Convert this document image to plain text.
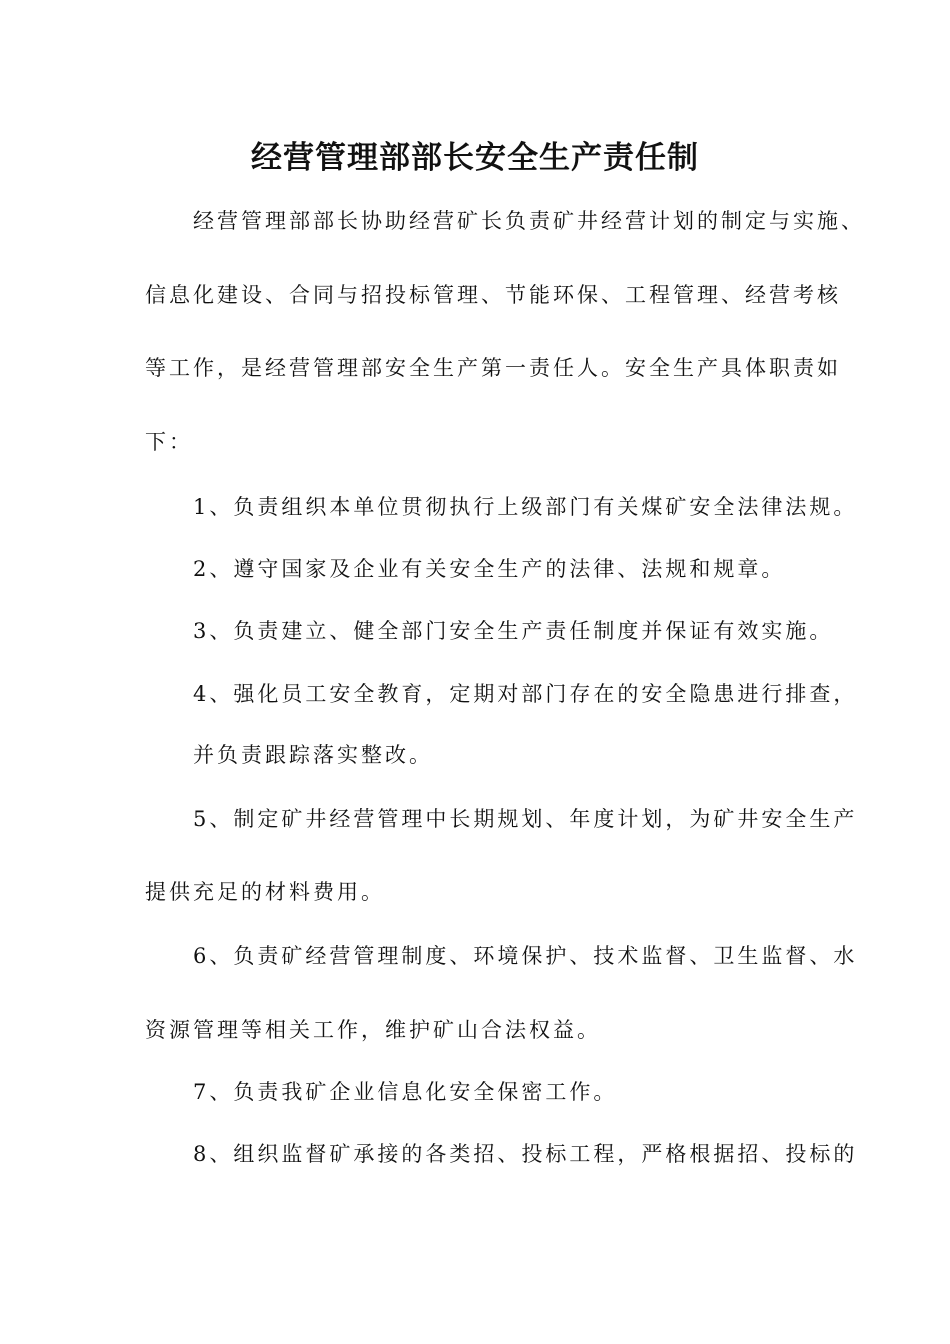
经营管理部部长安全生产责任制
经营管理部部长协助经营矿长负责矿井经营计划的制定与实施、
信息化建设、合同与招投标管理、节能环保、工程管理、经营考核
等工作，是经营管理部安全生产第一责任人。安全生产具体职责如
下：
1、负责组织本单位贯彻执行上级部门有关煤矿安全法律法规。
2、遵守国家及企业有关安全生产的法律、法规和规章。
3、负责建立、健全部门安全生产责任制度并保证有效实施。
4、强化员工安全教育，定期对部门存在的安全隐患进行排查，
并负责跟踪落实整改。
5、制定矿井经营管理中长期规划、年度计划，为矿井安全生产
提供充足的材料费用。
6、负责矿经营管理制度、环境保护、技术监督、卫生监督、水
资源管理等相关工作，维护矿山合法权益。
7、负责我矿企业信息化安全保密工作。
8、组织监督矿承接的各类招、投标工程，严格根据招、投标的
